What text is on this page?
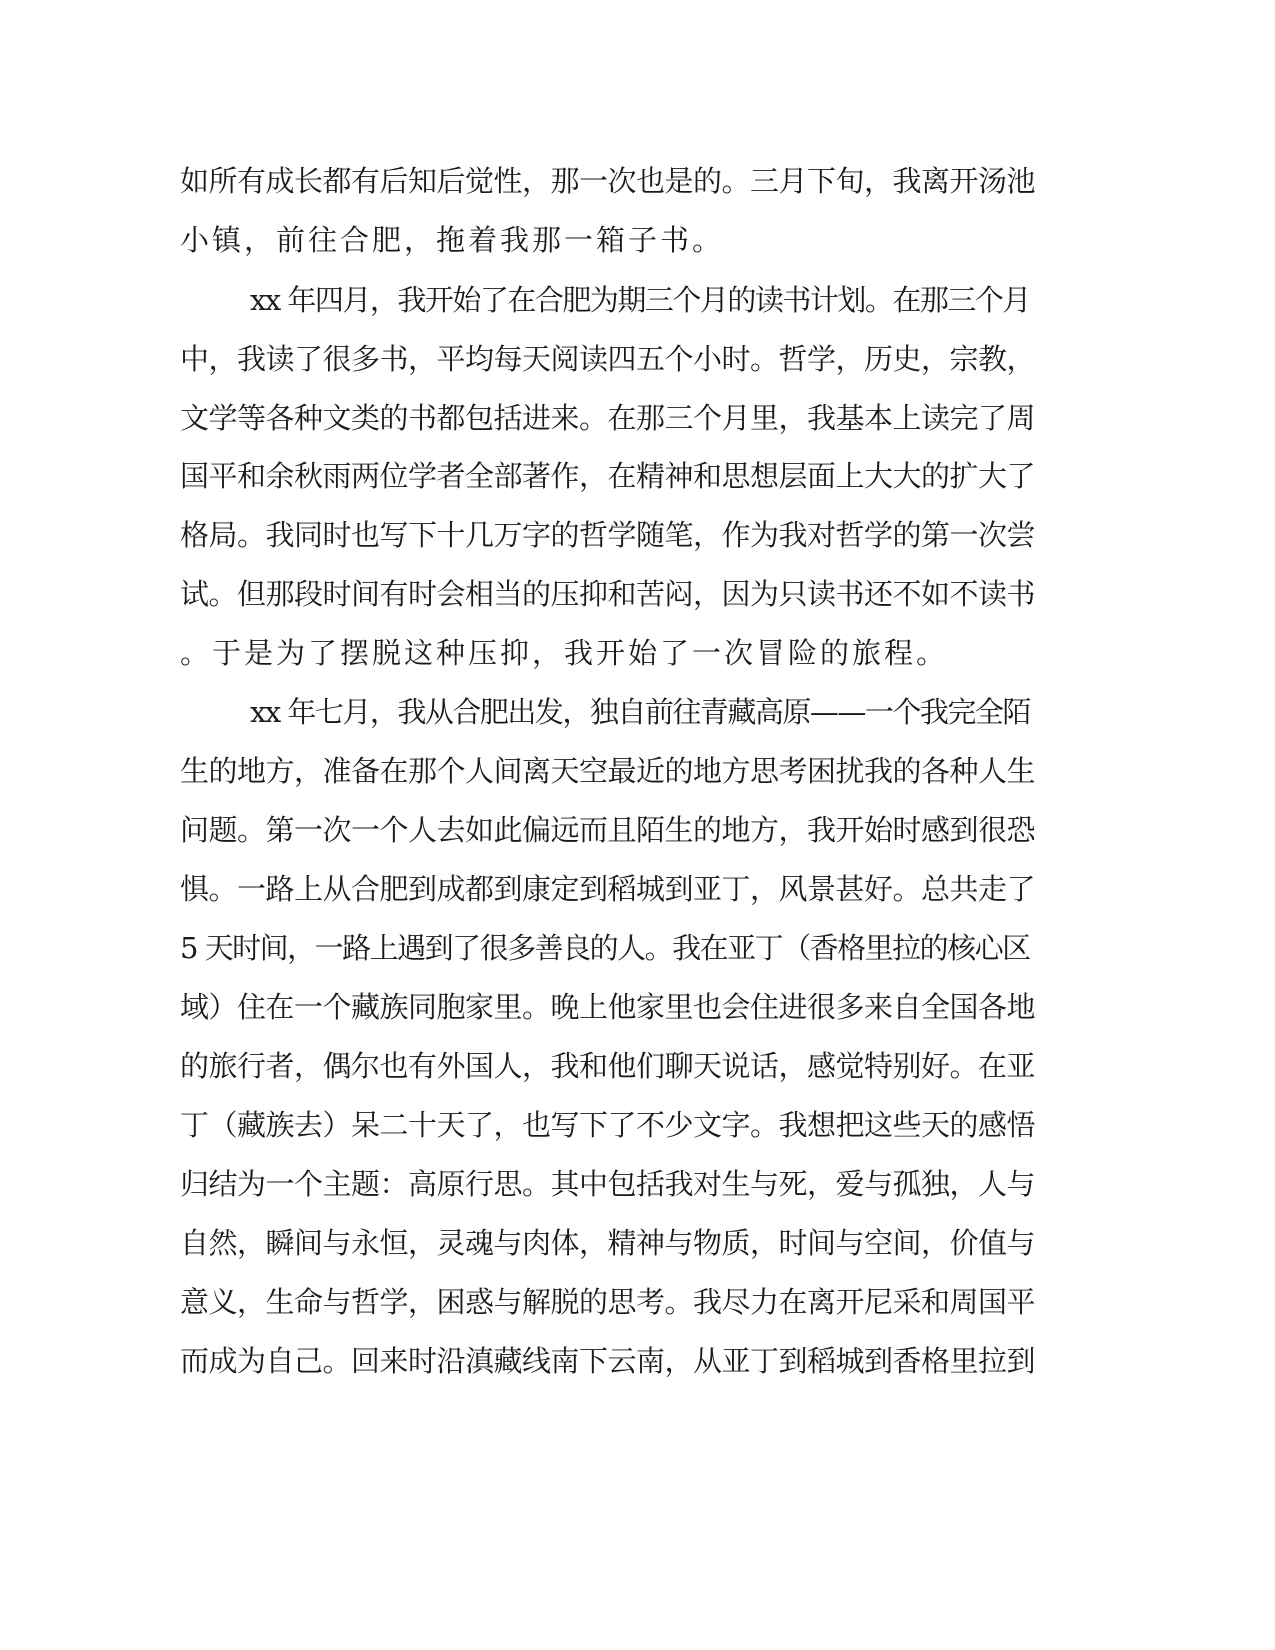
如所有成长都有后知后觉性，那一次也是的。三月下旬，我离开汤池

小镇，前往合肥，拖着我那一箱子书。

xx 年四月，我开始了在合肥为期三个月的读书计划。在那三个月

中，我读了很多书，平均每天阅读四五个小时。哲学，历史，宗教，

文学等各种文类的书都包括进来。在那三个月里，我基本上读完了周

国平和余秋雨两位学者全部著作，在精神和思想层面上大大的扩大了

格局。我同时也写下十几万字的哲学随笔，作为我对哲学的第一次尝

试。但那段时间有时会相当的压抑和苦闷，因为只读书还不如不读书

。于是为了摆脱这种压抑，我开始了一次冒险的旅程。

xx 年七月，我从合肥出发，独自前往青藏高原——一个我完全陌

生的地方，准备在那个人间离天空最近的地方思考困扰我的各种人生

问题。第一次一个人去如此偏远而且陌生的地方，我开始时感到很恐

惧。一路上从合肥到成都到康定到稻城到亚丁，风景甚好。总共走了

5 天时间，一路上遇到了很多善良的人。我在亚丁（香格里拉的核心区

域）住在一个藏族同胞家里。晚上他家里也会住进很多来自全国各地

的旅行者，偶尔也有外国人，我和他们聊天说话，感觉特别好。在亚

丁（藏族去）呆二十天了，也写下了不少文字。我想把这些天的感悟

归结为一个主题：高原行思。其中包括我对生与死，爱与孤独，人与

自然，瞬间与永恒，灵魂与肉体，精神与物质，时间与空间，价值与

意义，生命与哲学，困惑与解脱的思考。我尽力在离开尼采和周国平

而成为自己。回来时沿滇藏线南下云南，从亚丁到稻城到香格里拉到
